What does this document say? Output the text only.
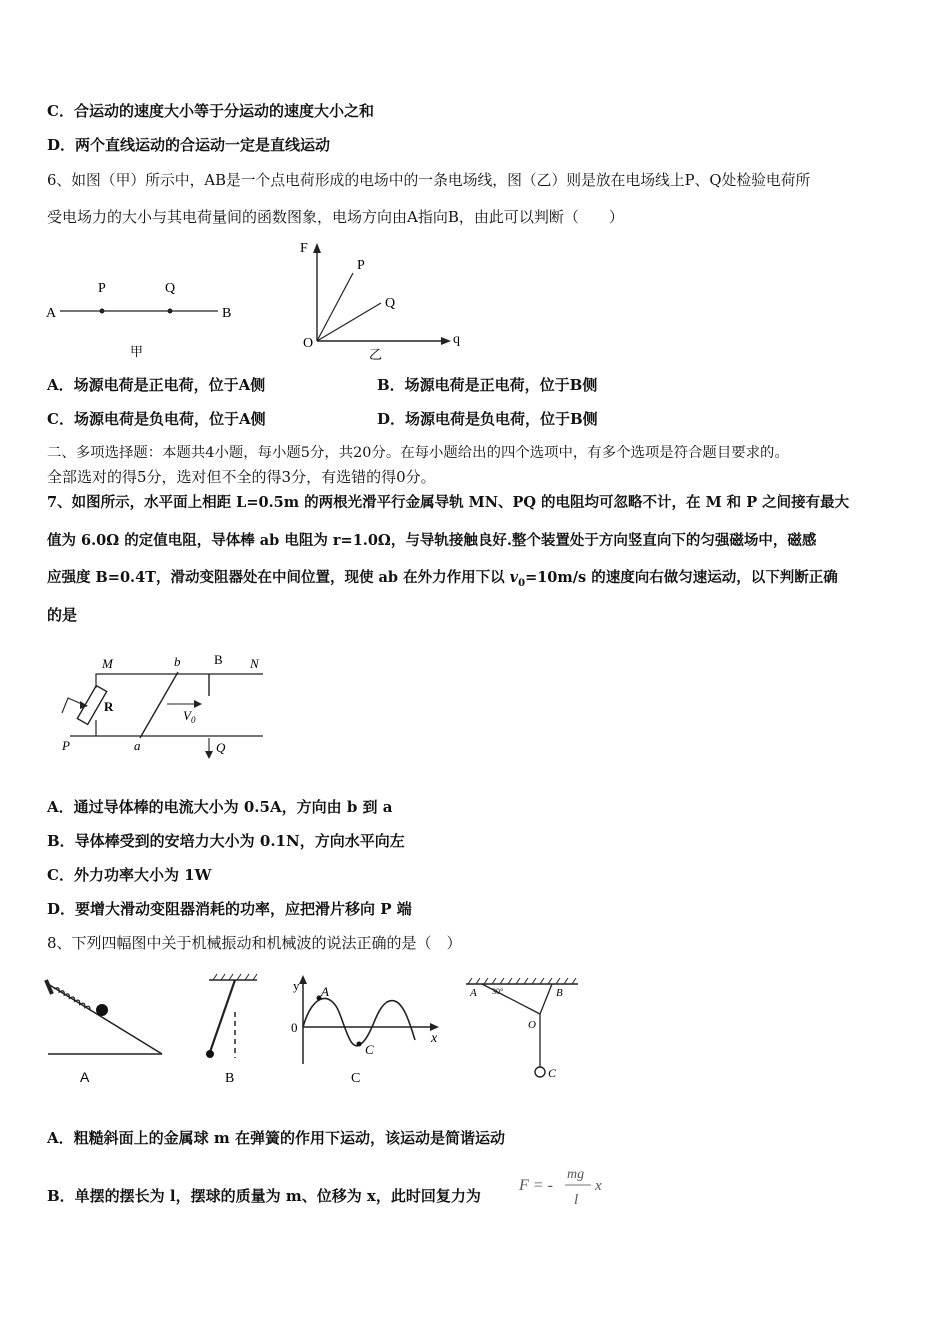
C．合运动的速度大小等于分运动的速度大小之和
D．两个直线运动的合运动一定是直线运动
6、如图（甲）所示中，AB是一个点电荷形成的电场中的一条电场线，图（乙）则是放在电场线上P、Q处检验电荷所
受电场力的大小与其电荷量间的函数图象，电场方向由A指向B，由此可以判断（　　）
A	B
P	Q
甲
F
O	q
P
Q
乙
A．场源电荷是正电荷，位于A侧	B．场源电荷是正电荷，位于B侧
C．场源电荷是负电荷，位于A侧	D．场源电荷是负电荷，位于B侧
二、多项选择题：本题共4小题，每小题5分，共20分。在每小题给出的四个选项中，有多个选项是符合题目要求的。
全部选对的得5分，选对但不全的得3分，有选错的得0分。
7、如图所示，水平面上相距 L=0.5m 的两根光滑平行金属导轨 MN、PQ 的电阻均可忽略不计，在 M 和 P 之间接有最大
值为 6.0Ω 的定值电阻，导体棒 ab 电阻为 r=1.0Ω，与导轨接触良好.整个装置处于方向竖直向下的匀强磁场中，磁感
应强度 B=0.4T，滑动变阻器处在中间位置，现使 ab 在外力作用下以 $v_0=10m/s$ 的速度向右做匀速运动，以下判断正确
的是
M	N
b	B
R
$V_0$
P	a	Q
A．通过导体棒的电流大小为 0.5A，方向由 b 到 a
B．导体棒受到的安培力大小为 0.1N，方向水平向左
C．外力功率大小为 1W
D．要增大滑动变阻器消耗的功率，应把滑片移向 P 端
8、下列四幅图中关于机械振动和机械波的说法正确的是（　）
A	B
y
x
0
A
C
C
A 30°	B
O
C
A．粗糙斜面上的金属球 m 在弹簧的作用下运动，该运动是简谐运动
B．单摆的摆长为 l，摆球的质量为 m、位移为 x，此时回复力为
F = -
mg
l
x
